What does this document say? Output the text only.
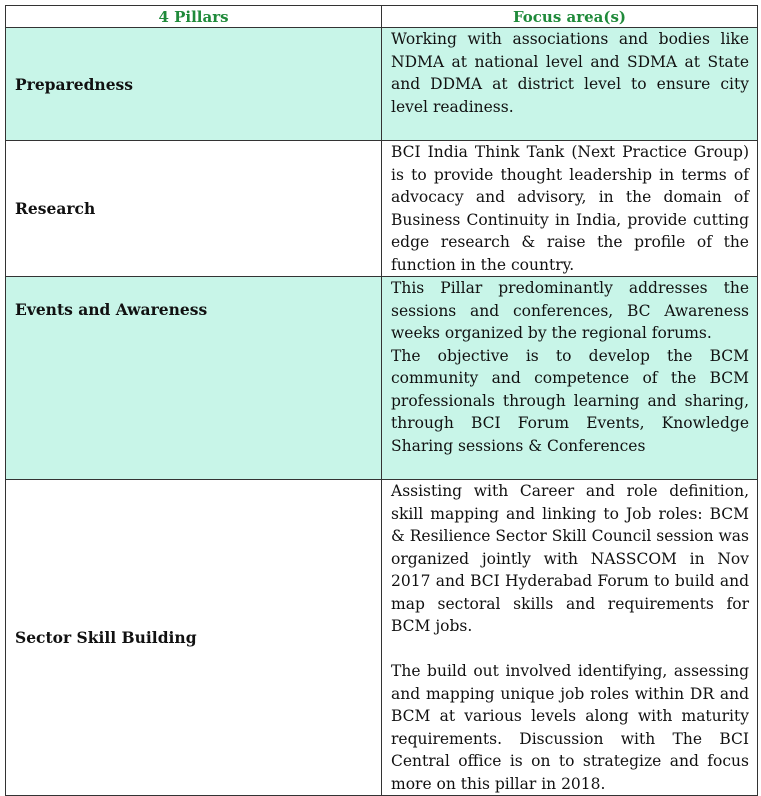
4 Pillars	Focus area(s)
Preparedness	Working with associations and bodies like NDMA at national level and SDMA at State and DDMA at district level to ensure city level readiness.

Research	BCI India Think Tank (Next Practice Group) is to provide thought leadership in terms of advocacy and advisory, in the domain of Business Continuity in India, provide cutting edge research & raise the profile of the function in the country.

Events and Awareness	This Pillar predominantly addresses the sessions and conferences, BC Awareness weeks organized by the regional forums.

The objective is to develop the BCM community and competence of the BCM professionals through learning and sharing, through BCI Forum Events, Knowledge Sharing sessions & Conferences

Sector Skill Building	Assisting with Career and role definition, skill mapping and linking to Job roles: BCM & Resilience Sector Skill Council session was organized jointly with NASSCOM in Nov 2017 and BCI Hyderabad Forum to build and map sectoral skills and requirements for BCM jobs.

The build out involved identifying, assessing and mapping unique job roles within DR and BCM at various levels along with maturity requirements. Discussion with The BCI Central office is on to strategize and focus more on this pillar in 2018.
